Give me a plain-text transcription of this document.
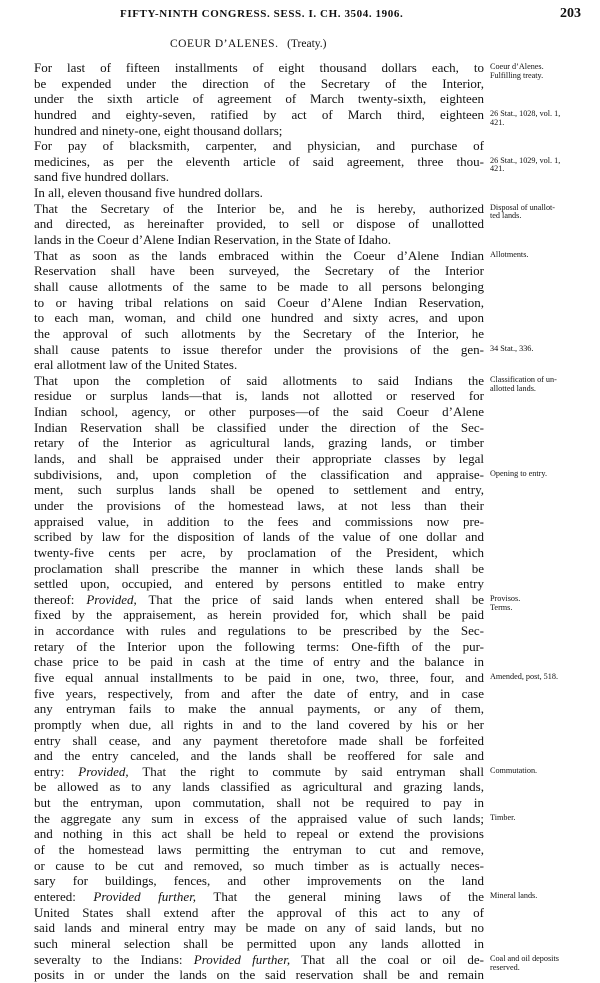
FIFTY-NINTH CONGRESS. SESS. I. CH. 3504. 1906.	203
COEUR D’ALENES. (Treaty.)
For last of fifteen installments of eight thousand dollars each, to
be expended under the direction of the Secretary of the Interior,
under the sixth article of agreement of March twenty-sixth, eighteen
hundred and eighty-seven, ratified by act of March third, eighteen
hundred and ninety-one, eight thousand dollars;
For pay of blacksmith, carpenter, and physician, and purchase of
medicines, as per the eleventh article of said agreement, three thou-
sand five hundred dollars.
In all, eleven thousand five hundred dollars.
That the Secretary of the Interior be, and he is hereby, authorized
and directed, as hereinafter provided, to sell or dispose of unallotted
lands in the Coeur d’Alene Indian Reservation, in the State of Idaho.
That as soon as the lands embraced within the Coeur d’Alene Indian
Reservation shall have been surveyed, the Secretary of the Interior
shall cause allotments of the same to be made to all persons belonging
to or having tribal relations on said Coeur d’Alene Indian Reservation,
to each man, woman, and child one hundred and sixty acres, and upon
the approval of such allotments by the Secretary of the Interior, he
shall cause patents to issue therefor under the provisions of the gen-
eral allotment law of the United States.
That upon the completion of said allotments to said Indians the
residue or surplus lands—that is, lands not allotted or reserved for
Indian school, agency, or other purposes—of the said Coeur d’Alene
Indian Reservation shall be classified under the direction of the Sec-
retary of the Interior as agricultural lands, grazing lands, or timber
lands, and shall be appraised under their appropriate classes by legal
subdivisions, and, upon completion of the classification and appraise-
ment, such surplus lands shall be opened to settlement and entry,
under the provisions of the homestead laws, at not less than their
appraised value, in addition to the fees and commissions now pre-
scribed by law for the disposition of lands of the value of one dollar and
twenty-five cents per acre, by proclamation of the President, which
proclamation shall prescribe the manner in which these lands shall be
settled upon, occupied, and entered by persons entitled to make entry
thereof: Provided, That the price of said lands when entered shall be
fixed by the appraisement, as herein provided for, which shall be paid
in accordance with rules and regulations to be prescribed by the Sec-
retary of the Interior upon the following terms: One-fifth of the pur-
chase price to be paid in cash at the time of entry and the balance in
five equal annual installments to be paid in one, two, three, four, and
five years, respectively, from and after the date of entry, and in case
any entryman fails to make the annual payments, or any of them,
promptly when due, all rights in and to the land covered by his or her
entry shall cease, and any payment theretofore made shall be forfeited
and the entry canceled, and the lands shall be reoffered for sale and
entry: Provided, That the right to commute by said entryman shall
be allowed as to any lands classified as agricultural and grazing lands,
but the entryman, upon commutation, shall not be required to pay in
the aggregate any sum in excess of the appraised value of such lands;
and nothing in this act shall be held to repeal or extend the provisions
of the homestead laws permitting the entryman to cut and remove,
or cause to be cut and removed, so much timber as is actually neces-
sary for buildings, fences, and other improvements on the land
entered: Provided further, That the general mining laws of the
United States shall extend after the approval of this act to any of
said lands and mineral entry may be made on any of said lands, but no
such mineral selection shall be permitted upon any lands allotted in
severalty to the Indians: Provided further, That all the coal or oil de-
posits in or under the lands on the said reservation shall be and remain
Coeur d’Alenes.
Fulfilling treaty.
26 Stat., 1028, vol. 1,
421.
26 Stat., 1029, vol. 1,
421.
Disposal of unallot-
ted lands.
Allotments.
34 Stat., 336.
Classification of un-
allotted lands.
Opening to entry.
Provisos.
Terms.
Amended, post, 518.
Commutation.
Timber.
Mineral lands.
Coal and oil deposits
reserved.
